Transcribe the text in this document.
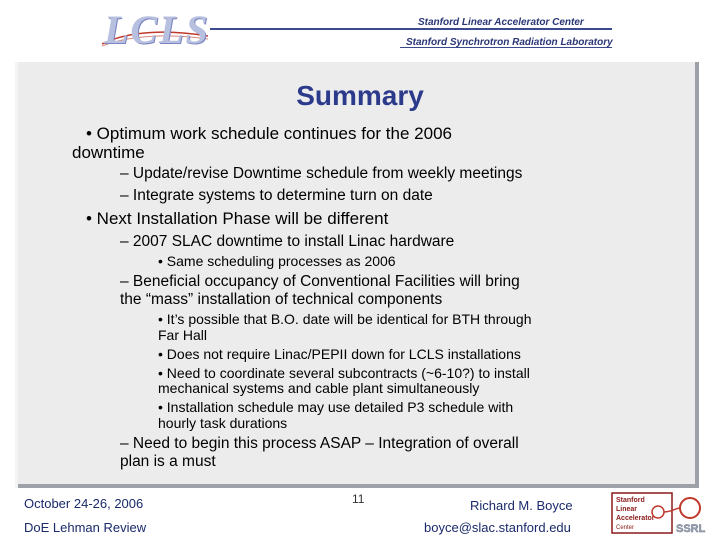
LCLS	Stanford Linear Accelerator Center
Stanford Synchrotron Radiation Laboratory
Summary
• Optimum work schedule continues for the 2006
downtime
– Update/revise Downtime schedule from weekly meetings
– Integrate systems to determine turn on date
• Next Installation Phase will be different
– 2007 SLAC downtime to install Linac hardware
• Same scheduling processes as 2006
– Beneficial occupancy of Conventional Facilities will bring
the “mass” installation of technical components
• It’s possible that B.O. date will be identical for BTH through
Far Hall
• Does not require Linac/PEPII down for LCLS installations
• Need to coordinate several subcontracts (~6-10?) to install
mechanical systems and cable plant simultaneously
• Installation schedule may use detailed P3 schedule with
hourly task durations
– Need to begin this process ASAP – Integration of overall
plan is a must
October 24-26, 2006
DoE Lehman Review
11	Richard M. Boyce
boyce@slac.stanford.edu
Stanford
Linear
Accelerator
Center	SSRL
